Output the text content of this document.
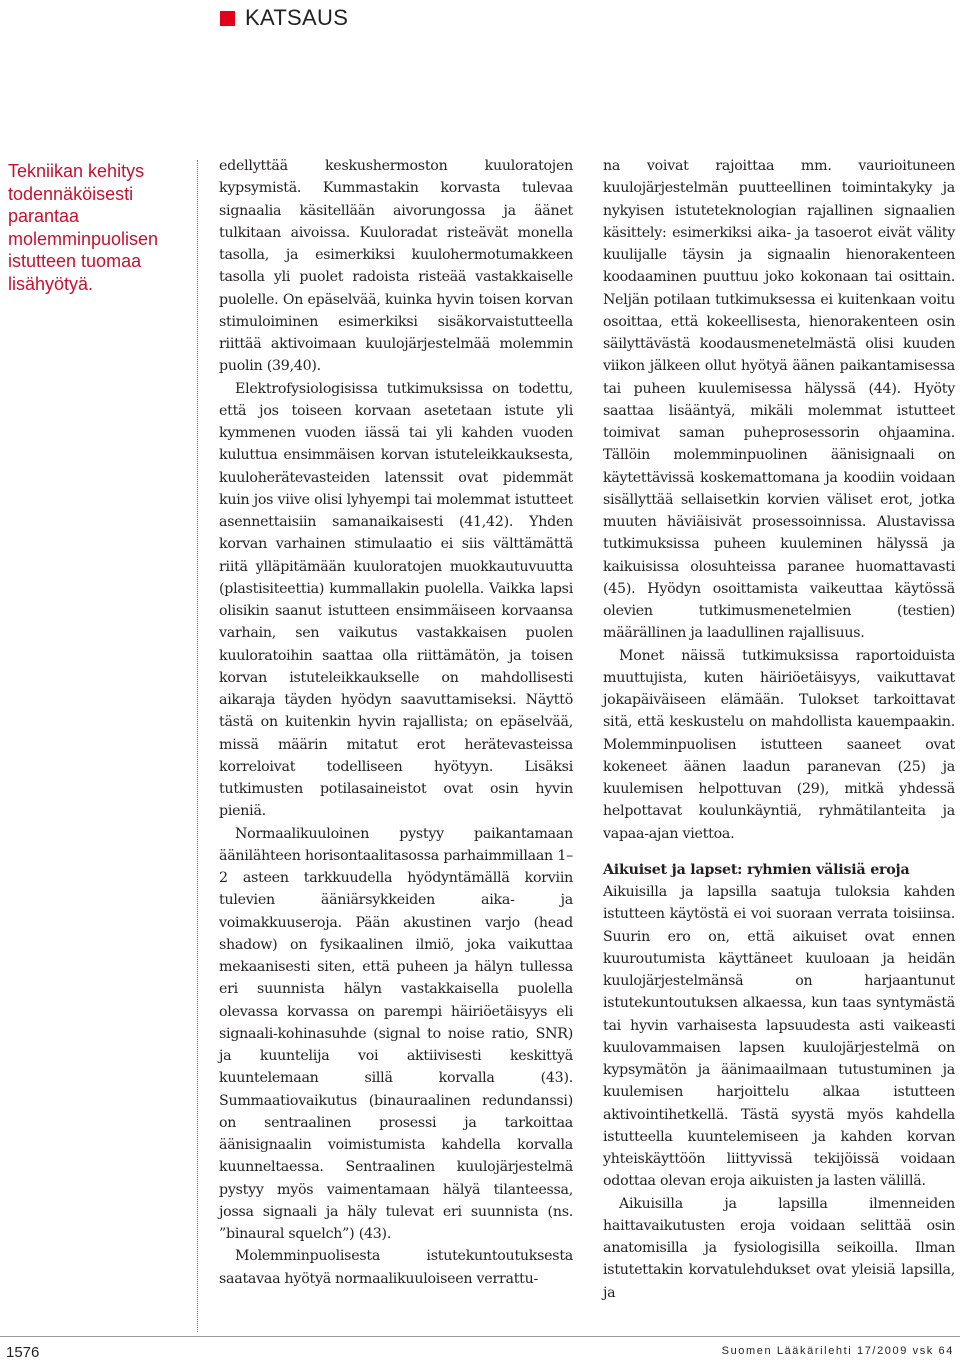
KATSAUS
Tekniikan kehitys todennäköisesti parantaa molemminpuolisen istutteen tuomaa lisähyötyä.

edellyttää keskushermoston kuuloratojen kypsymistä. Kummastakin korvasta tulevaa signaalia käsitellään aivorungossa ja äänet tulkitaan aivoissa. Kuuloradat risteävät monella tasolla, ja esimerkiksi kuulohermotumakkeen tasolla yli puolet radoista risteää vastakkaiselle puolelle. On epäselvää, kuinka hyvin toisen korvan stimuloiminen esimerkiksi sisäkorvaistutteella riittää aktivoimaan kuulojärjestelmää molemmin puolin (39,40).

Elektrofysiologisissa tutkimuksissa on todettu, että jos toiseen korvaan asetetaan istute yli kymmenen vuoden iässä tai yli kahden vuoden kuluttua ensimmäisen korvan istuteleikkauksesta, kuuloherätevasteiden latenssit ovat pidemmät kuin jos viive olisi lyhyempi tai molemmat istutteet asennettaisiin samanaikaisesti (41,42). Yhden korvan varhainen stimulaatio ei siis välttämättä riitä ylläpitämään kuuloratojen muokkautuvuutta (plastisiteettia) kummallakin puolella. Vaikka lapsi olisikin saanut istutteen ensimmäiseen korvaansa varhain, sen vaikutus vastakkaisen puolen kuuloratoihin saattaa olla riittämätön, ja toisen korvan istuteleikkaukselle on mahdollisesti aikaraja täyden hyödyn saavuttamiseksi. Näyttö tästä on kuitenkin hyvin rajallista; on epäselvää, missä määrin mitatut erot herätevasteissa korreloivat todelliseen hyötyyn. Lisäksi tutkimusten potilasaineistot ovat osin hyvin pieniä.

Normaalikuuloinen pystyy paikantamaan äänilähteen horisontaalitasossa parhaimmillaan 1–2 asteen tarkkuudella hyödyntämällä korviin tulevien ääniärsykkeiden aika- ja voimakkuuseroja. Pään akustinen varjo (head shadow) on fysikaalinen ilmiö, joka vaikuttaa mekaanisesti siten, että puheen ja hälyn tullessa eri suunnista hälyn vastakkaisella puolella olevassa korvassa on parempi häiriöetäisyys eli signaali-kohinasuhde (signal to noise ratio, SNR) ja kuuntelija voi aktiivisesti keskittyä kuuntelemaan sillä korvalla (43). Summaatiovaikutus (binauraalinen redundanssi) on sentraalinen prosessi ja tarkoittaa äänisignaalin voimistumista kahdella korvalla kuunneltaessa. Sentraalinen kuulojärjestelmä pystyy myös vaimentamaan hälyä tilanteessa, jossa signaali ja häly tulevat eri suunnista (ns. ”binaural squelch”) (43).

Molemminpuolisesta istutekuntoutuksesta saatavaa hyötyä normaalikuuloiseen verrattu-

na voivat rajoittaa mm. vaurioituneen kuulojärjestelmän puutteellinen toimintakyky ja nykyisen istuteteknologian rajallinen signaalien käsittely: esimerkiksi aika- ja tasoerot eivät välity kuulijalle täysin ja signaalin hienorakenteen koodaaminen puuttuu joko kokonaan tai osittain. Neljän potilaan tutkimuksessa ei kuitenkaan voitu osoittaa, että kokeellisesta, hienorakenteen osin säilyttävästä koodausmenetelmästä olisi kuuden viikon jälkeen ollut hyötyä äänen paikantamisessa tai puheen kuulemisessa hälyssä (44). Hyöty saattaa lisääntyä, mikäli molemmat istutteet toimivat saman puheprosessorin ohjaamina. Tällöin molemminpuolinen äänisignaali on käytettävissä koskemattomana ja koodiin voidaan sisällyttää sellaisetkin korvien väliset erot, jotka muuten häviäisivät prosessoinnissa. Alustavissa tutkimuksissa puheen kuuleminen hälyssä ja kaikuisissa olosuhteissa paranee huomattavasti (45). Hyödyn osoittamista vaikeuttaa käytössä olevien tutkimusmenetelmien (testien) määrällinen ja laadullinen rajallisuus.

Monet näissä tutkimuksissa raportoiduista muuttujista, kuten häiriöetäisyys, vaikuttavat jokapäiväiseen elämään. Tulokset tarkoittavat sitä, että keskustelu on mahdollista kauempaakin. Molemminpuolisen istutteen saaneet ovat kokeneet äänen laadun paranevan (25) ja kuulemisen helpottuvan (29), mitkä yhdessä helpottavat koulunkäyntiä, ryhmätilanteita ja vapaa-ajan viettoa.

Aikuiset ja lapset: ryhmien välisiä eroja

Aikuisilla ja lapsilla saatuja tuloksia kahden istutteen käytöstä ei voi suoraan verrata toisiinsa. Suurin ero on, että aikuiset ovat ennen kuuroutumista käyttäneet kuuloaan ja heidän kuulojärjestelmänsä on harjaantunut istutekuntoutuksen alkaessa, kun taas syntymästä tai hyvin varhaisesta lapsuudesta asti vaikeasti kuulovammaisen lapsen kuulojärjestelmä on kypsymätön ja äänimaailmaan tutustuminen ja kuulemisen harjoittelu alkaa istutteen aktivointihetkellä. Tästä syystä myös kahdella istutteella kuuntelemiseen ja kahden korvan yhteiskäyttöön liittyvissä tekijöissä voidaan odottaa olevan eroja aikuisten ja lasten välillä.

Aikuisilla ja lapsilla ilmenneiden haittavaikutusten eroja voidaan selittää osin anatomisilla ja fysiologisilla seikoilla. Ilman istutettakin korvatulehdukset ovat yleisiä lapsilla, ja

1576	Suomen Lääkärilehti 17/2009 vsk 64
